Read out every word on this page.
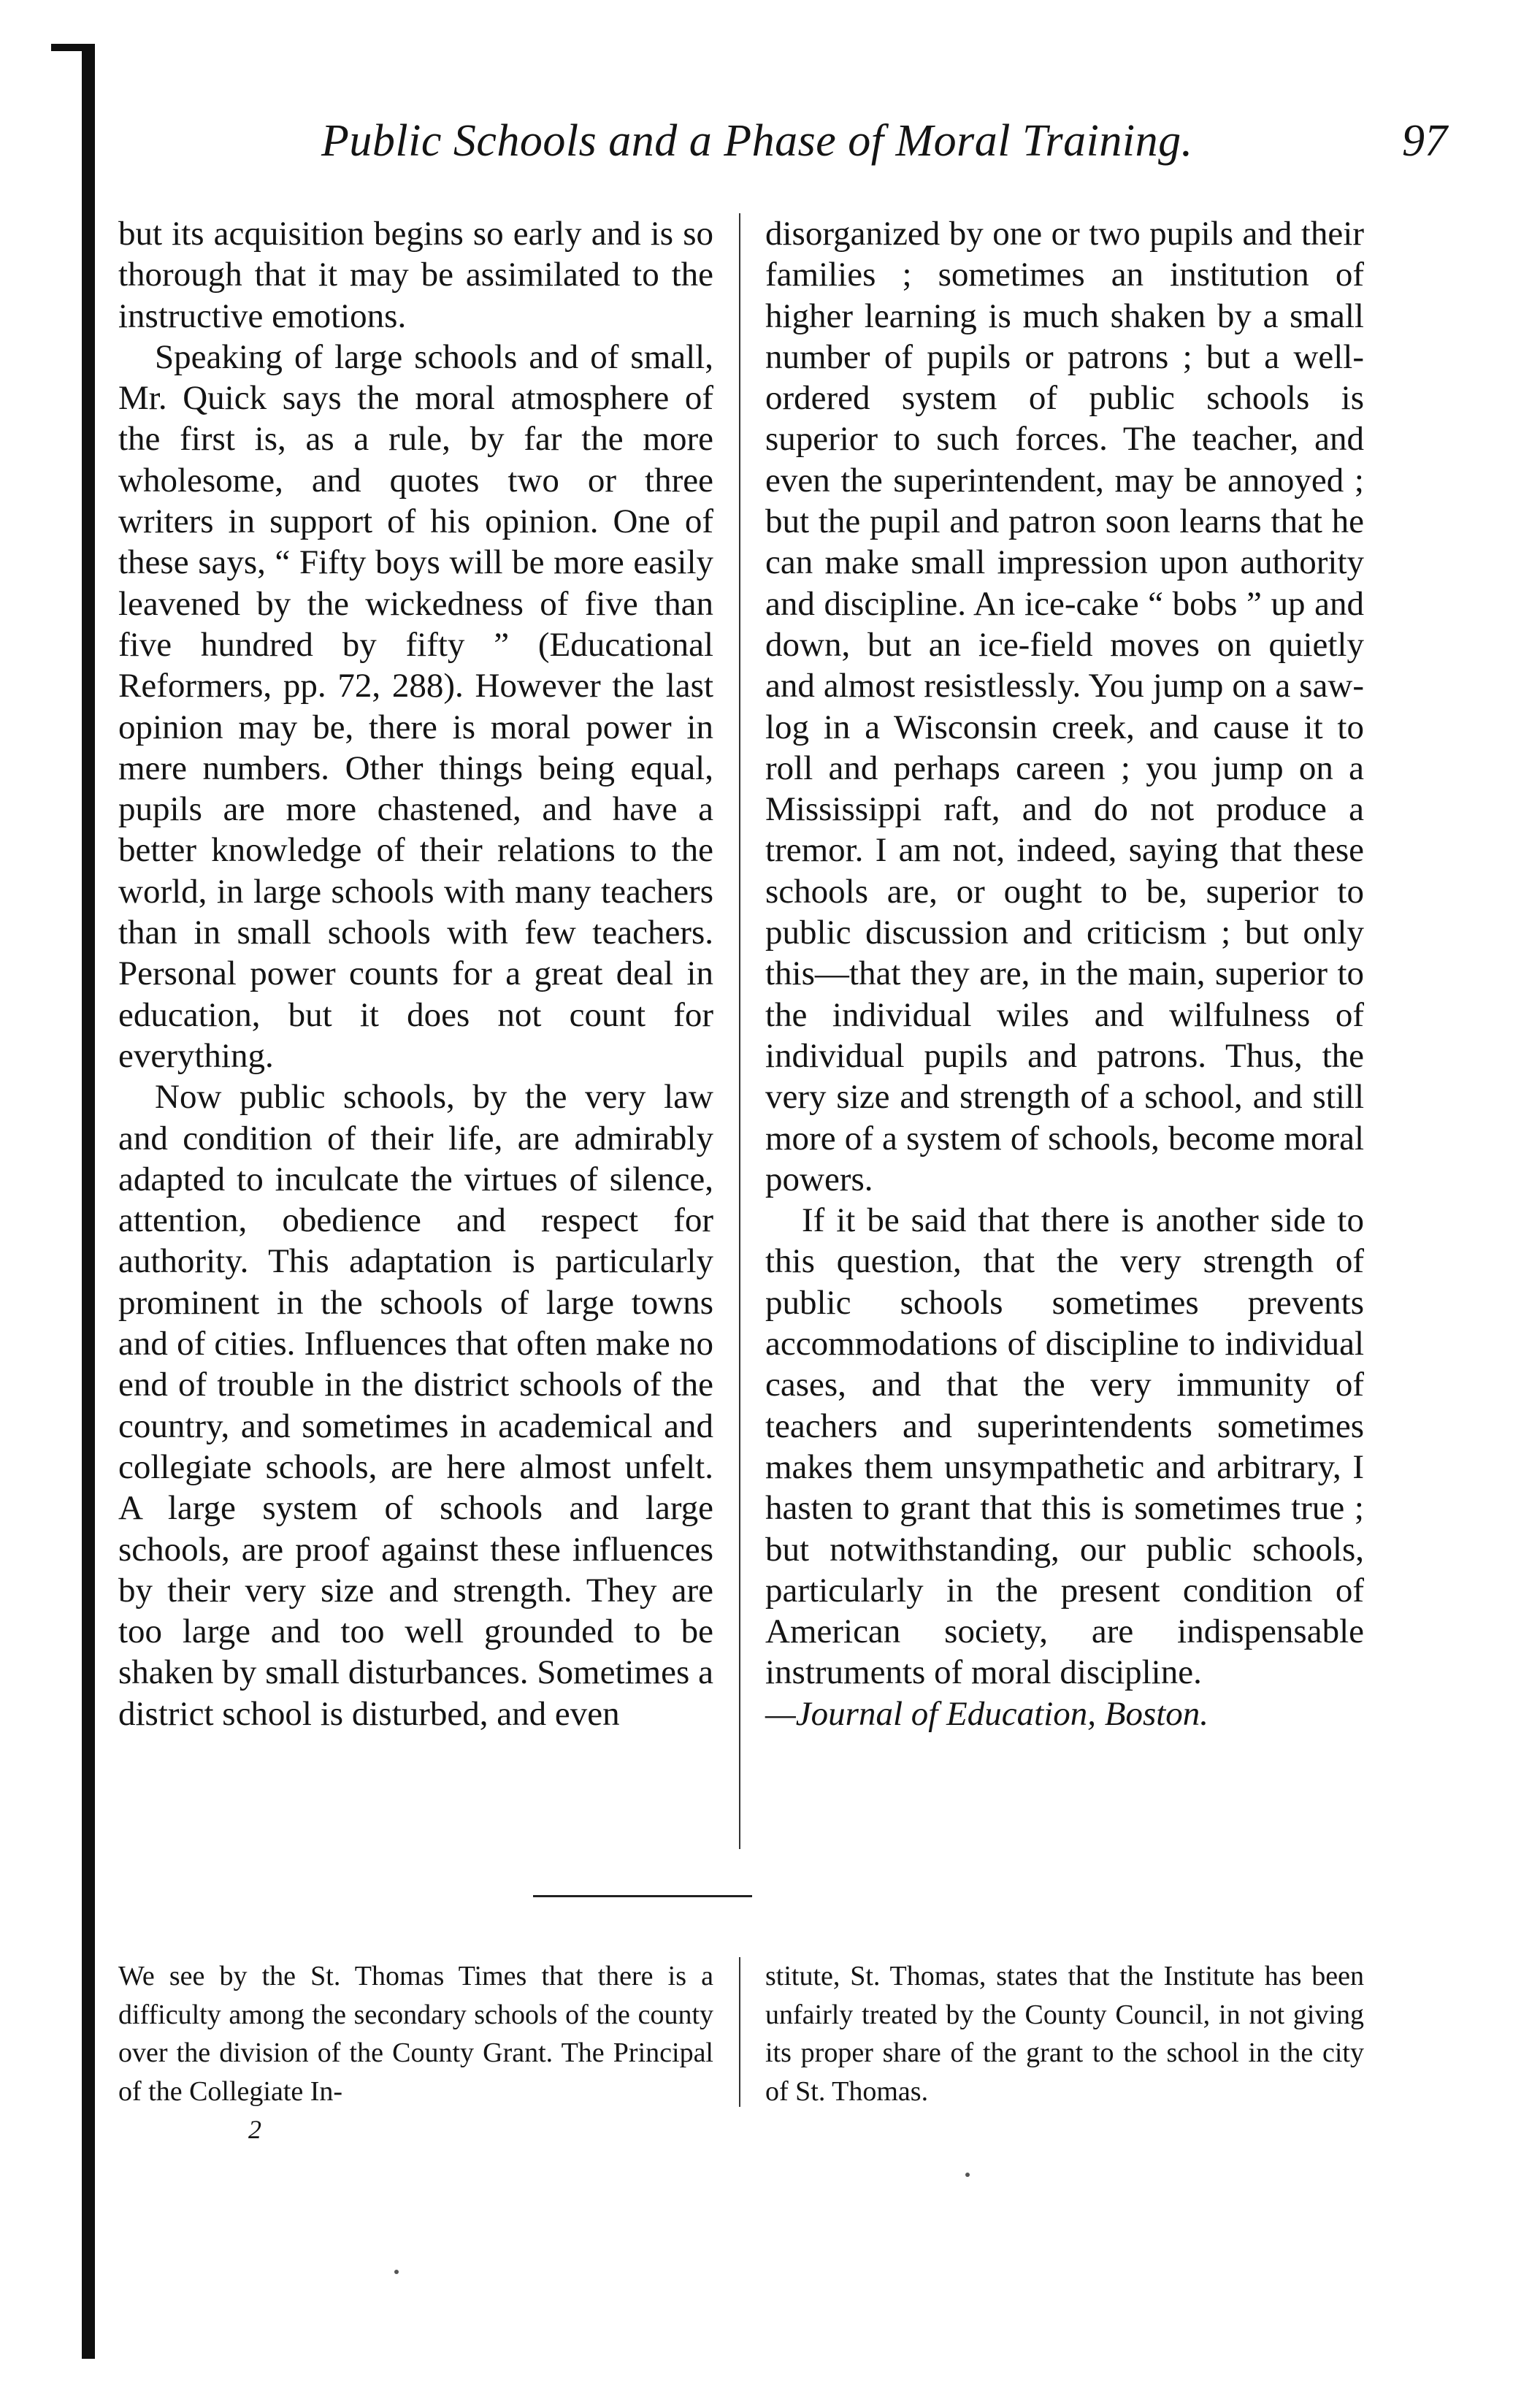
Public Schools and a Phase of Moral Training.	97

but its acquisition begins so early and is so thorough that it may be assimilated to the instructive emotions.

Speaking of large schools and of small, Mr. Quick says the moral atmosphere of the first is, as a rule, by far the more wholesome, and quotes two or three writers in support of his opinion. One of these says, “ Fifty boys will be more easily leavened by the wickedness of five than five hundred by fifty ” (Educational Reformers, pp. 72, 288). However the last opinion may be, there is moral power in mere numbers. Other things being equal, pupils are more chastened, and have a better knowledge of their relations to the world, in large schools with many teachers than in small schools with few teachers. Personal power counts for a great deal in education, but it does not count for everything.

Now public schools, by the very law and condition of their life, are admirably adapted to inculcate the virtues of silence, attention, obedience and respect for authority. This adaptation is particularly prominent in the schools of large towns and of cities. Influences that often make no end of trouble in the district schools of the country, and sometimes in academical and collegiate schools, are here almost unfelt. A large system of schools and large schools, are proof against these influences by their very size and strength. They are too large and too well grounded to be shaken by small disturbances. Sometimes a district school is disturbed, and even

disorganized by one or two pupils and their families ; sometimes an institution of higher learning is much shaken by a small number of pupils or patrons ; but a well-ordered system of public schools is superior to such forces. The teacher, and even the superintendent, may be annoyed ; but the pupil and patron soon learns that he can make small impression upon authority and discipline. An ice-cake “ bobs ” up and down, but an ice-field moves on quietly and almost resistlessly. You jump on a saw-log in a Wisconsin creek, and cause it to roll and perhaps careen ; you jump on a Mississippi raft, and do not produce a tremor. I am not, indeed, saying that these schools are, or ought to be, superior to public discussion and criticism ; but only this—that they are, in the main, superior to the individual wiles and wilfulness of individual pupils and patrons. Thus, the very size and strength of a school, and still more of a system of schools, become moral powers.

If it be said that there is another side to this question, that the very strength of public schools sometimes prevents accommodations of discipline to individual cases, and that the very immunity of teachers and superintendents sometimes makes them unsympathetic and arbitrary, I hasten to grant that this is sometimes true ; but notwithstanding, our public schools, particularly in the present condition of American society, are indispensable instruments of moral discipline.

—Journal of Education, Boston.

We see by the St. Thomas Times that there is a difficulty among the secondary schools of the county over the division of the County Grant. The Principal of the Collegiate In-

stitute, St. Thomas, states that the Institute has been unfairly treated by the County Council, in not giving its proper share of the grant to the school in the city of St. Thomas.

2
